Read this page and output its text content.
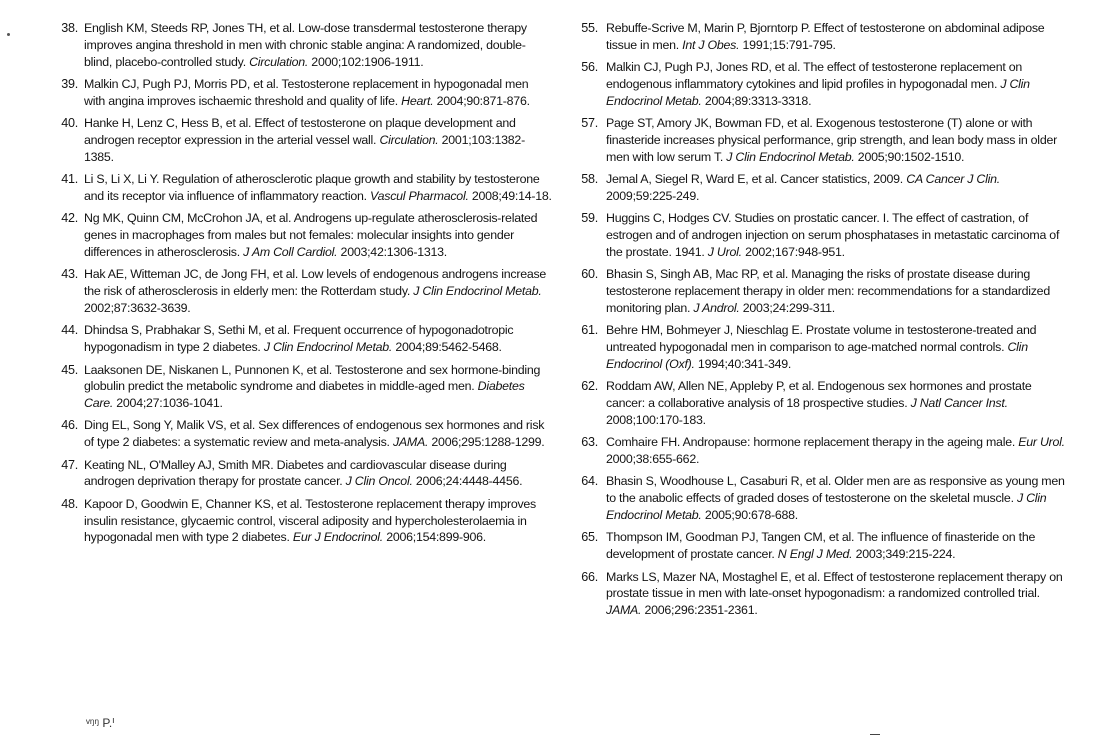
38. English KM, Steeds RP, Jones TH, et al. Low-dose transdermal testosterone therapy improves angina threshold in men with chronic stable angina: A randomized, double-blind, placebo-controlled study. Circulation. 2000;102:1906-1911.
39. Malkin CJ, Pugh PJ, Morris PD, et al. Testosterone replacement in hypogonadal men with angina improves ischaemic threshold and quality of life. Heart. 2004;90:871-876.
40. Hanke H, Lenz C, Hess B, et al. Effect of testosterone on plaque development and androgen receptor expression in the arterial vessel wall. Circulation. 2001;103:1382-1385.
41. Li S, Li X, Li Y. Regulation of atherosclerotic plaque growth and stability by testosterone and its receptor via influence of inflammatory reaction. Vascul Pharmacol. 2008;49:14-18.
42. Ng MK, Quinn CM, McCrohon JA, et al. Androgens up-regulate atherosclerosis-related genes in macrophages from males but not females: molecular insights into gender differences in atherosclerosis. J Am Coll Cardiol. 2003;42:1306-1313.
43. Hak AE, Witteman JC, de Jong FH, et al. Low levels of endogenous androgens increase the risk of atherosclerosis in elderly men: the Rotterdam study. J Clin Endocrinol Metab. 2002;87:3632-3639.
44. Dhindsa S, Prabhakar S, Sethi M, et al. Frequent occurrence of hypogonadotropic hypogonadism in type 2 diabetes. J Clin Endocrinol Metab. 2004;89:5462-5468.
45. Laaksonen DE, Niskanen L, Punnonen K, et al. Testosterone and sex hormone-binding globulin predict the metabolic syndrome and diabetes in middle-aged men. Diabetes Care. 2004;27:1036-1041.
46. Ding EL, Song Y, Malik VS, et al. Sex differences of endogenous sex hormones and risk of type 2 diabetes: a systematic review and meta-analysis. JAMA. 2006;295:1288-1299.
47. Keating NL, O'Malley AJ, Smith MR. Diabetes and cardiovascular disease during androgen deprivation therapy for prostate cancer. J Clin Oncol. 2006;24:4448-4456.
48. Kapoor D, Goodwin E, Channer KS, et al. Testosterone replacement therapy improves insulin resistance, glycaemic control, visceral adiposity and hypercholesterolaemia in hypogonadal men with type 2 diabetes. Eur J Endocrinol. 2006;154:899-906.
55. Rebuffe-Scrive M, Marin P, Bjorntorp P. Effect of testosterone on abdominal adipose tissue in men. Int J Obes. 1991;15:791-795.
56. Malkin CJ, Pugh PJ, Jones RD, et al. The effect of testosterone replacement on endogenous inflammatory cytokines and lipid profiles in hypogonadal men. J Clin Endocrinol Metab. 2004;89:3313-3318.
57. Page ST, Amory JK, Bowman FD, et al. Exogenous testosterone (T) alone or with finasteride increases physical performance, grip strength, and lean body mass in older men with low serum T. J Clin Endocrinol Metab. 2005;90:1502-1510.
58. Jemal A, Siegel R, Ward E, et al. Cancer statistics, 2009. CA Cancer J Clin. 2009;59:225-249.
59. Huggins C, Hodges CV. Studies on prostatic cancer. I. The effect of castration, of estrogen and of androgen injection on serum phosphatases in metastatic carcinoma of the prostate. 1941. J Urol. 2002;167:948-951.
60. Bhasin S, Singh AB, Mac RP, et al. Managing the risks of prostate disease during testosterone replacement therapy in older men: recommendations for a standardized monitoring plan. J Androl. 2003;24:299-311.
61. Behre HM, Bohmeyer J, Nieschlag E. Prostate volume in testosterone-treated and untreated hypogonadal men in comparison to age-matched normal controls. Clin Endocrinol (Oxf). 1994;40:341-349.
62. Roddam AW, Allen NE, Appleby P, et al. Endogenous sex hormones and prostate cancer: a collaborative analysis of 18 prospective studies. J Natl Cancer Inst. 2008;100:170-183.
63. Comhaire FH. Andropause: hormone replacement therapy in the ageing male. Eur Urol. 2000;38:655-662.
64. Bhasin S, Woodhouse L, Casaburi R, et al. Older men are as responsive as young men to the anabolic effects of graded doses of testosterone on the skeletal muscle. J Clin Endocrinol Metab. 2005;90:678-688.
65. Thompson IM, Goodman PJ, Tangen CM, et al. The influence of finasteride on the development of prostate cancer. N Engl J Med. 2003;349:215-224.
66. Marks LS, Mazer NA, Mostaghel E, et al. Effect of testosterone replacement therapy on prostate tissue in men with late-onset hypogonadism: a randomized controlled trial. JAMA. 2006;296:2351-2361.
ᵛᵑᵑ P.ᑊ
